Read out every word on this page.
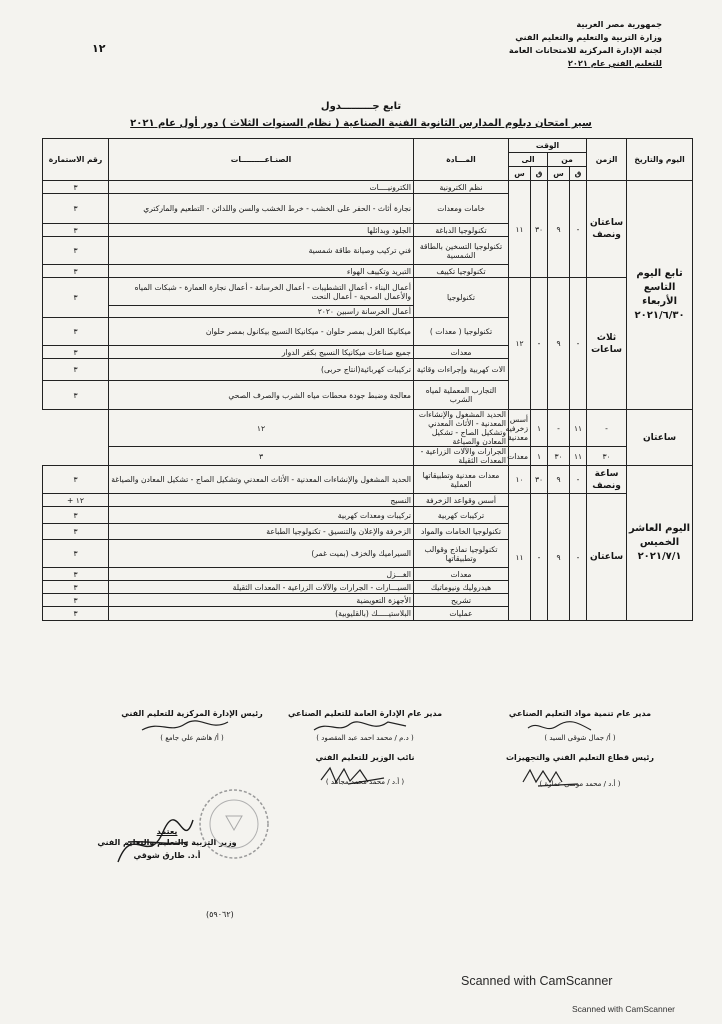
جمهورية مصر العربية
وزارة التربية والتعليم والتعليم الفني
لجنة الإدارة المركزية للامتحانات العامة
للتعليم الفني عام ٢٠٢١
١٢
تابع جـــــــــدول
سير امتحان دبلوم المدارس الثانوية الفنية الصناعية ( نظام السنوات الثلاث ) دور أول عام ٢٠٢١
اليوم والتاريخ	الزمن	الوقت				المـــادة	الصنـاعـــــــــات	رقم الاستمارة
		من		الى				
		ق	س	ق	س			
تابع اليوم التاسع الأربعاء ٢٠٢١/٦/٣٠	ساعتان ونصف	-	٩	٣٠	١١	نظم الكترونية	الكترونيــــات	٣
						خامات ومعدات	نجارة أثاث - الحفر على الخشب - خرط الخشب والسن واللدائن - التطعيم والماركتري	٣
						تكنولوجيا الدباغة	الجلود وبدائلها	٣
						تكنولوجيا التسخين بالطاقة الشمسية	فني تركيب وصيانة طاقة شمسية	٣
						تكنولوجيا تكييف	التبريد وتكييف الهواء	٣
	ثلاث ساعات	-	٩	-	١٢	تكنولوجيا	أعمال البناء - أعمال التشطيبات - أعمال الخرسانة - أعمال نجارة العمارة - شبكات المياه والأعمال الصحية - أعمال النحت	٣
							أعمال الخرسانة راسبين ٢٠٢٠	
						تكنولوجيا ( معدات )	ميكانيكا الغزل بمصر حلوان - ميكانيكا النسيج بيكانول بمصر حلوان	٣
						معدات	جميع صناعات ميكانيكا النسيج بكفر الدوار	٣
						الات كهربية وإجراءات وقائية	تركيبات كهربائية(انتاج حربى)	٣
						التجارب المعملية لمياه الشرب	معالجة وضبط جودة محطات مياه الشرب والصرف الصحي	٣
ساعتان	-	١١	-	١	أسس زخرفيه معدنية	الحديد المشغول والإنشاءات المعدنية - الأثاث المعدني وتشكيل الصاج - تشكيل المعادن والصياغة	١٢	
	٣٠	١١	٣٠	١	معدات	الجرارات والآلات الزراعية - المعدات الثقيلة	٣	
اليوم العاشر الخميس ٢٠٢١/٧/١	ساعة ونصف	-	٩	٣٠	١٠	معدات معدنية وتطبيقاتها العملية	الحديد المشغول والإنشاءات المعدنية - الأثاث المعدني وتشكيل الصاج - تشكيل المعادن والصياغة	٣
	ساعتان	-	٩	-	١١	أسس وقواعد الزخرفة	النسيج	١٢ +
						تركيبات كهربية	تركيبات ومعدات كهربية	٣
						تكنولوجيا الخامات والمواد	الزخرفة والإعلان والتنسيق - تكنولوجيا الطباعة	٣
						تكنولوجيا نماذج وقوالب وتطبيقاتها	السيراميك والخزف (بميت غمر)	٣
						معدات	الغـــزل	٣
						هيدروليك ونيوماتيك	السيـــارات - الجرارات والآلات الزراعية - المعدات الثقيلة	٣
						تشريح	الأجهزة التعويضية	٣
						عمليات	البلاستيـــــك (بالقليوبية)	٣
رئيس الإدارة المركزية للتعليم الفني
( أ/ هاشم علي جامع )
مدير عام الإدارة العامة للتعليم الصناعي
( د.م / محمد احمد عبد المقصود )
مدير عام تنمية مواد التعليم الصناعي
( أ/ جمال شوقى السيد )
نائب الوزير للتعليم الفني
( أ.د / محمد محمد مجاهد )
رئيس قطاع التعليم الفني والتجهيزات
( أ.د / محمد موسى عمارة )
يعتمد
وزير التربية والتعليم والتعليم الفني
أ.د. طارق شوقي
(٥٩٠٦٢)
Scanned with CamScanner
Scanned with CamScanner
